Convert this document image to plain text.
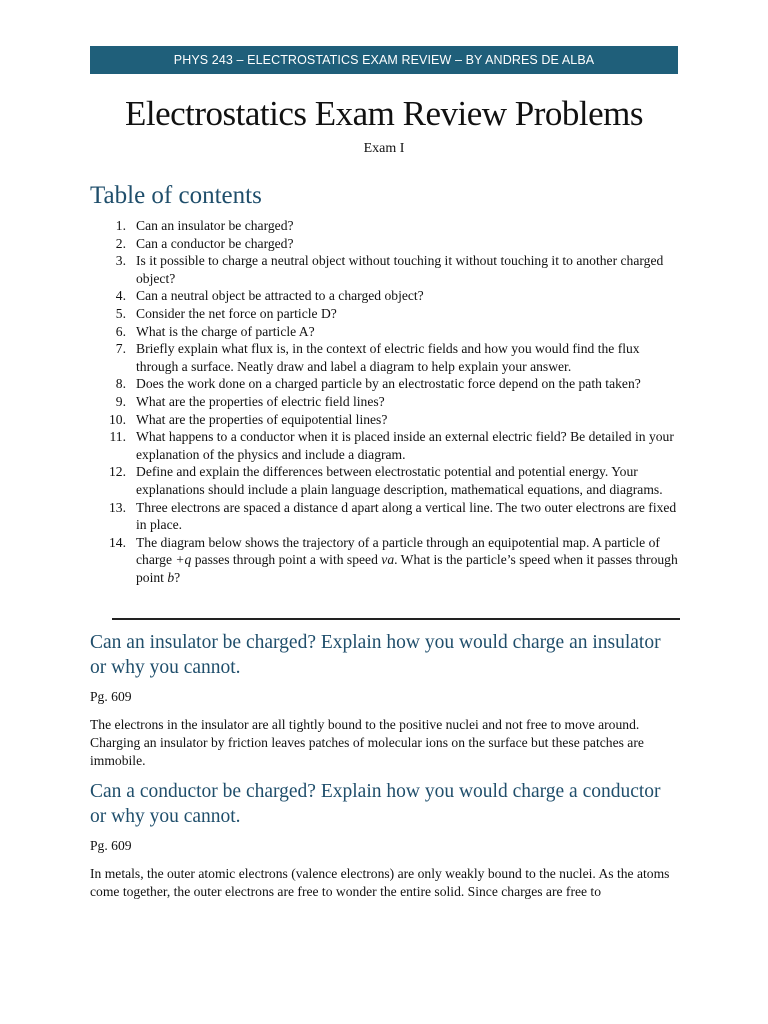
PHYS 243 – ELECTROSTATICS EXAM REVIEW – BY ANDRES DE ALBA
Electrostatics Exam Review Problems
Exam I
Table of contents
1. Can an insulator be charged?
2. Can a conductor be charged?
3. Is it possible to charge a neutral object without touching it without touching it to another charged object?
4. Can a neutral object be attracted to a charged object?
5. Consider the net force on particle D?
6. What is the charge of particle A?
7. Briefly explain what flux is, in the context of electric fields and how you would find the flux through a surface. Neatly draw and label a diagram to help explain your answer.
8. Does the work done on a charged particle by an electrostatic force depend on the path taken?
9. What are the properties of electric field lines?
10. What are the properties of equipotential lines?
11. What happens to a conductor when it is placed inside an external electric field? Be detailed in your explanation of the physics and include a diagram.
12. Define and explain the differences between electrostatic potential and potential energy. Your explanations should include a plain language description, mathematical equations, and diagrams.
13. Three electrons are spaced a distance d apart along a vertical line. The two outer electrons are fixed in place.
14. The diagram below shows the trajectory of a particle through an equipotential map. A particle of charge +q passes through point a with speed va. What is the particle’s speed when it passes through point b?
Can an insulator be charged? Explain how you would charge an insulator or why you cannot.
Pg. 609

The electrons in the insulator are all tightly bound to the positive nuclei and not free to move around. Charging an insulator by friction leaves patches of molecular ions on the surface but these patches are immobile.

Can a conductor be charged? Explain how you would charge a conductor or why you cannot.
Pg. 609

In metals, the outer atomic electrons (valence electrons) are only weakly bound to the nuclei. As the atoms come together, the outer electrons are free to wonder the entire solid. Since charges are free to
